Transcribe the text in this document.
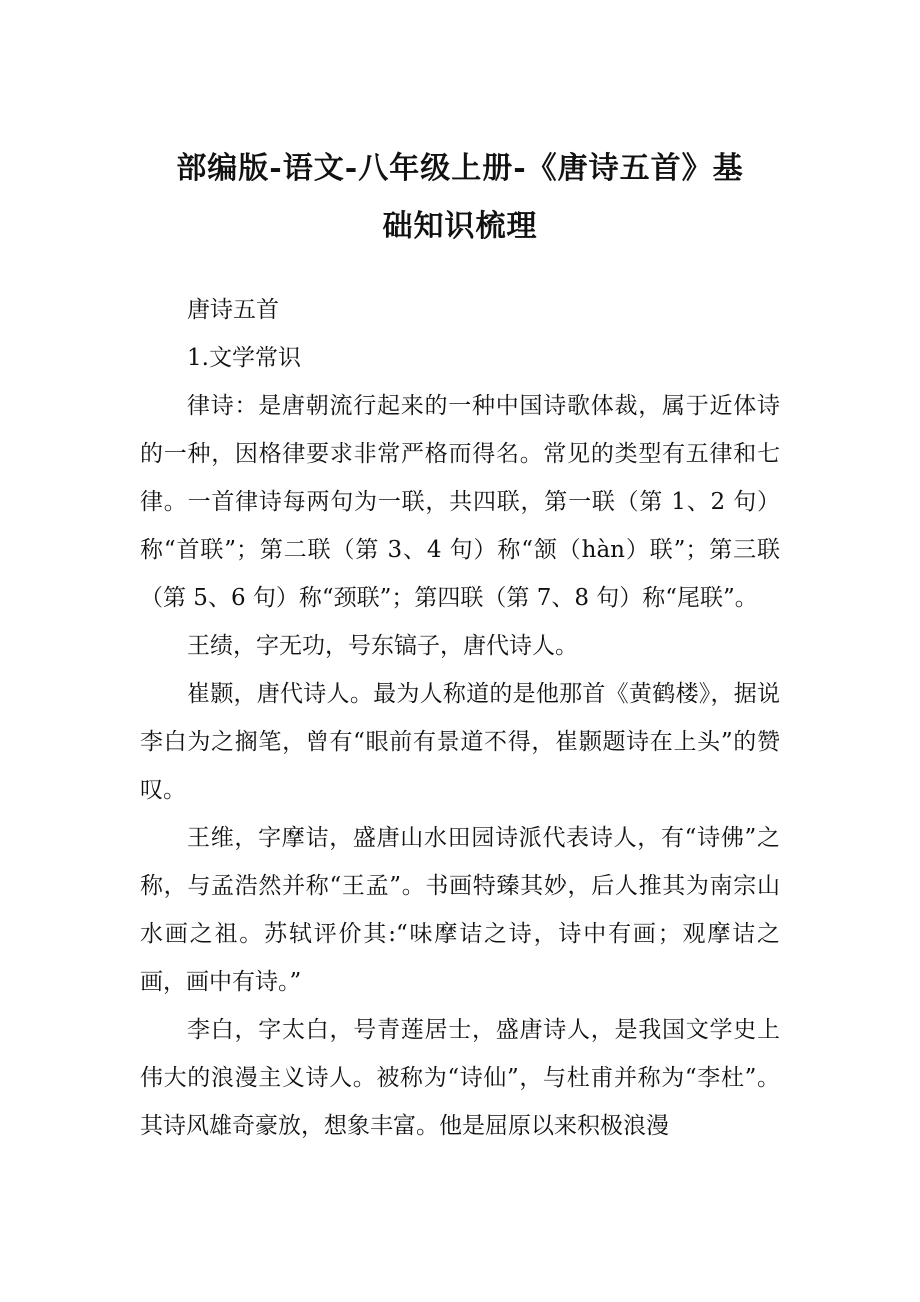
部编版-语文-八年级上册-《唐诗五首》基
础知识梳理

唐诗五首

1.文学常识

律诗：是唐朝流行起来的一种中国诗歌体裁，属于近体诗的一种，因格律要求非常严格而得名。常见的类型有五律和七律。一首律诗每两句为一联，共四联，第一联（第 1、2 句）称“首联”；第二联（第 3、4 句）称“颔（hàn）联”；第三联（第 5、6 句）称“颈联”；第四联（第 7、8 句）称“尾联”。

王绩，字无功，号东镐子，唐代诗人。

崔颢，唐代诗人。最为人称道的是他那首《黄鹤楼》，据说李白为之搁笔，曾有“眼前有景道不得，崔颢题诗在上头”的赞叹。

王维，字摩诘，盛唐山水田园诗派代表诗人，有“诗佛”之称，与孟浩然并称“王孟”。书画特臻其妙，后人推其为南宗山水画之祖。苏轼评价其:“味摩诘之诗，诗中有画；观摩诘之画，画中有诗。”

李白，字太白，号青莲居士，盛唐诗人，是我国文学史上伟大的浪漫主义诗人。被称为“诗仙”，与杜甫并称为“李杜”。其诗风雄奇豪放，想象丰富。他是屈原以来积极浪漫
